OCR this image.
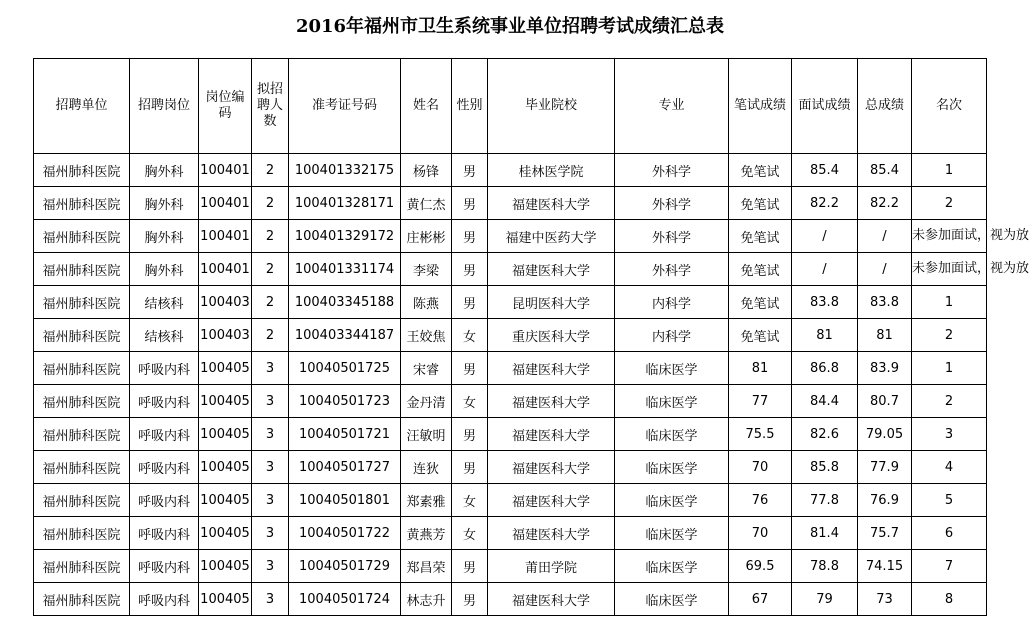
2016年福州市卫生系统事业单位招聘考试成绩汇总表
招聘单位	招聘岗位	岗位编码	拟招聘人数	准考证号码	姓名	性别	毕业院校	专业	笔试成绩	面试成绩	总成绩	名次
福州肺科医院	胸外科	100401	2	100401332175	杨锋	男	桂林医学院	外科学	免笔试	85.4	85.4	1
福州肺科医院	胸外科	100401	2	100401328171	黄仁杰	男	福建医科大学	外科学	免笔试	82.2	82.2	2
福州肺科医院	胸外科	100401	2	100401329172	庄彬彬	男	福建中医药大学	外科学	免笔试	/	/	未参加面试，视为放
福州肺科医院	胸外科	100401	2	100401331174	李梁	男	福建医科大学	外科学	免笔试	/	/	未参加面试，视为放
福州肺科医院	结核科	100403	2	100403345188	陈燕	男	昆明医科大学	内科学	免笔试	83.8	83.8	1
福州肺科医院	结核科	100403	2	100403344187	王姣焦	女	重庆医科大学	内科学	免笔试	81	81	2
福州肺科医院	呼吸内科	100405	3	10040501725	宋睿	男	福建医科大学	临床医学	81	86.8	83.9	1
福州肺科医院	呼吸内科	100405	3	10040501723	金丹清	女	福建医科大学	临床医学	77	84.4	80.7	2
福州肺科医院	呼吸内科	100405	3	10040501721	汪敏明	男	福建医科大学	临床医学	75.5	82.6	79.05	3
福州肺科医院	呼吸内科	100405	3	10040501727	连狄	男	福建医科大学	临床医学	70	85.8	77.9	4
福州肺科医院	呼吸内科	100405	3	10040501801	郑素雅	女	福建医科大学	临床医学	76	77.8	76.9	5
福州肺科医院	呼吸内科	100405	3	10040501722	黄燕芳	女	福建医科大学	临床医学	70	81.4	75.7	6
福州肺科医院	呼吸内科	100405	3	10040501729	郑昌荣	男	莆田学院	临床医学	69.5	78.8	74.15	7
福州肺科医院	呼吸内科	100405	3	10040501724	林志升	男	福建医科大学	临床医学	67	79	73	8
